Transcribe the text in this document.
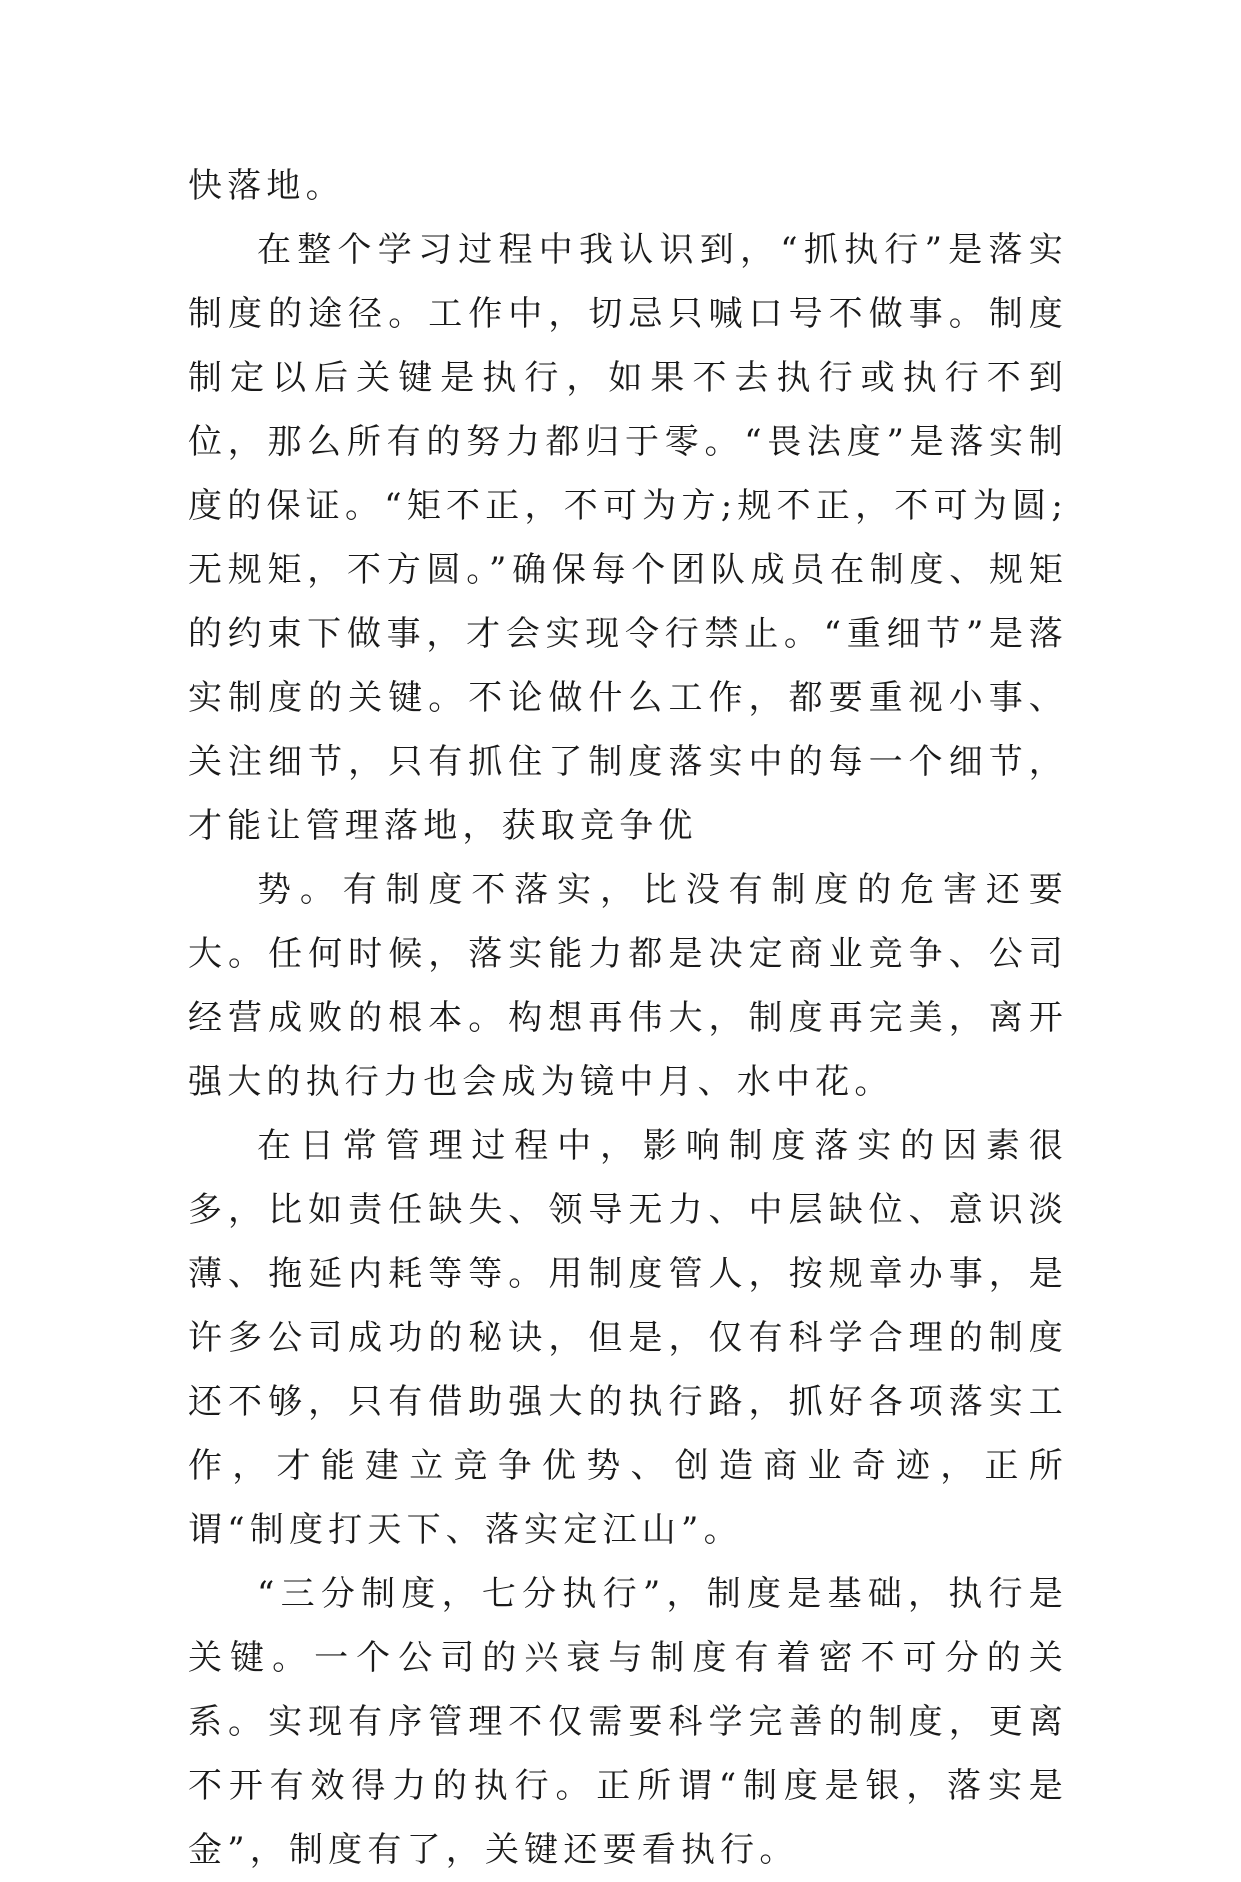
快落地。

在整个学习过程中我认识到，“抓执行”是落实制度的途径。工作中，切忌只喊口号不做事。制度制定以后关键是执行，如果不去执行或执行不到位，那么所有的努力都归于零。“畏法度”是落实制度的保证。“矩不正，不可为方;规不正，不可为圆;无规矩，不方圆。”确保每个团队成员在制度、规矩的约束下做事，才会实现令行禁止。“重细节”是落实制度的关键。不论做什么工作，都要重视小事、关注细节，只有抓住了制度落实中的每一个细节，才能让管理落地，获取竞争优

势。有制度不落实，比没有制度的危害还要大。任何时候，落实能力都是决定商业竞争、公司经营成败的根本。构想再伟大，制度再完美，离开强大的执行力也会成为镜中月、水中花。

在日常管理过程中，影响制度落实的因素很多，比如责任缺失、领导无力、中层缺位、意识淡薄、拖延内耗等等。用制度管人，按规章办事，是许多公司成功的秘诀，但是，仅有科学合理的制度还不够，只有借助强大的执行路，抓好各项落实工作，才能建立竞争优势、创造商业奇迹，正所谓“制度打天下、落实定江山”。

“三分制度，七分执行”，制度是基础，执行是关键。一个公司的兴衰与制度有着密不可分的关系。实现有序管理不仅需要科学完善的制度，更离不开有效得力的执行。正所谓“制度是银，落实是金”，制度有了，关键还要看执行。
